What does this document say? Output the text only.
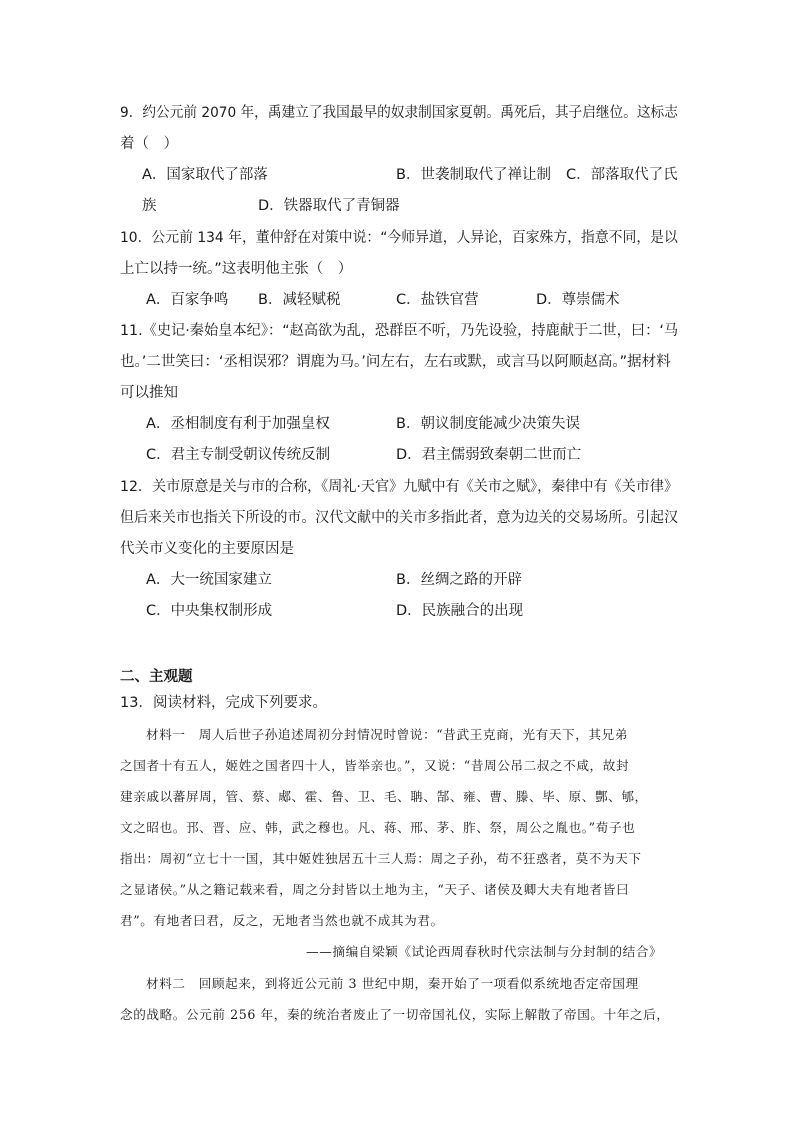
9．约公元前 2070 年，禹建立了我国最早的奴隶制国家夏朝。禹死后，其子启继位。这标志
着（　）
A．国家取代了部落	B．世袭制取代了禅让制 C．部落取代了氏
族	D．铁器取代了青铜器
10．公元前 134 年，董仲舒在对策中说：“今师异道，人异论，百家殊方，指意不同，是以
上亡以持一统。”这表明他主张（　）
A．百家争鸣 B．减轻赋税	C．盐铁官营	D．尊崇儒术
11.《史记·秦始皇本纪》：“赵高欲为乱，恐群臣不听，乃先设验，持鹿献于二世，曰：‘马
也。’二世笑曰：‘丞相误邪？谓鹿为马。’问左右，左右或默，或言马以阿顺赵高。”据材料
可以推知
A．丞相制度有利于加强皇权	B．朝议制度能减少决策失误
C．君主专制受朝议传统反制	D．君主儒弱致秦朝二世而亡
12．关市原意是关与市的合称，《周礼·天官》九赋中有《关市之赋》，秦律中有《关市律》
但后来关市也指关下所设的市。汉代文献中的关市多指此者，意为边关的交易场所。引起汉
代关市义变化的主要原因是
A．大一统国家建立	B．丝绸之路的开辟
C．中央集权制形成	D．民族融合的出现
二、主观题
13．阅读材料，完成下列要求。
材料一　周人后世子孙追述周初分封情况时曾说：“昔武王克商，光有天下，其兄弟
之国者十有五人，姬姓之国者四十人，皆举亲也。”，又说：“昔周公吊二叔之不咸，故封
建亲戚以蕃屏周，管、蔡、郕、霍、鲁、卫、毛、聃、郜、雍、曹、滕、毕、原、酆、郇，
文之昭也。邘、晋、应、韩，武之穆也。凡、蒋、邢、茅、胙、祭，周公之胤也。”荀子也
指出：周初“立七十一国，其中姬姓独居五十三人焉：周之子孙，苟不狂惑者，莫不为天下
之显诸侯。”从之籍记载来看，周之分封皆以土地为主，“天子、诸侯及卿大夫有地者皆曰
君”。有地者曰君，反之，无地者当然也就不成其为君。
——摘编自梁颖《试论西周春秋时代宗法制与分封制的结合》
材料二　回顾起来，到将近公元前 3 世纪中期，秦开始了一项看似系统地否定帝国理
念的战略。公元前 256 年，秦的统治者废止了一切帝国礼仪，实际上解散了帝国。十年之后，
